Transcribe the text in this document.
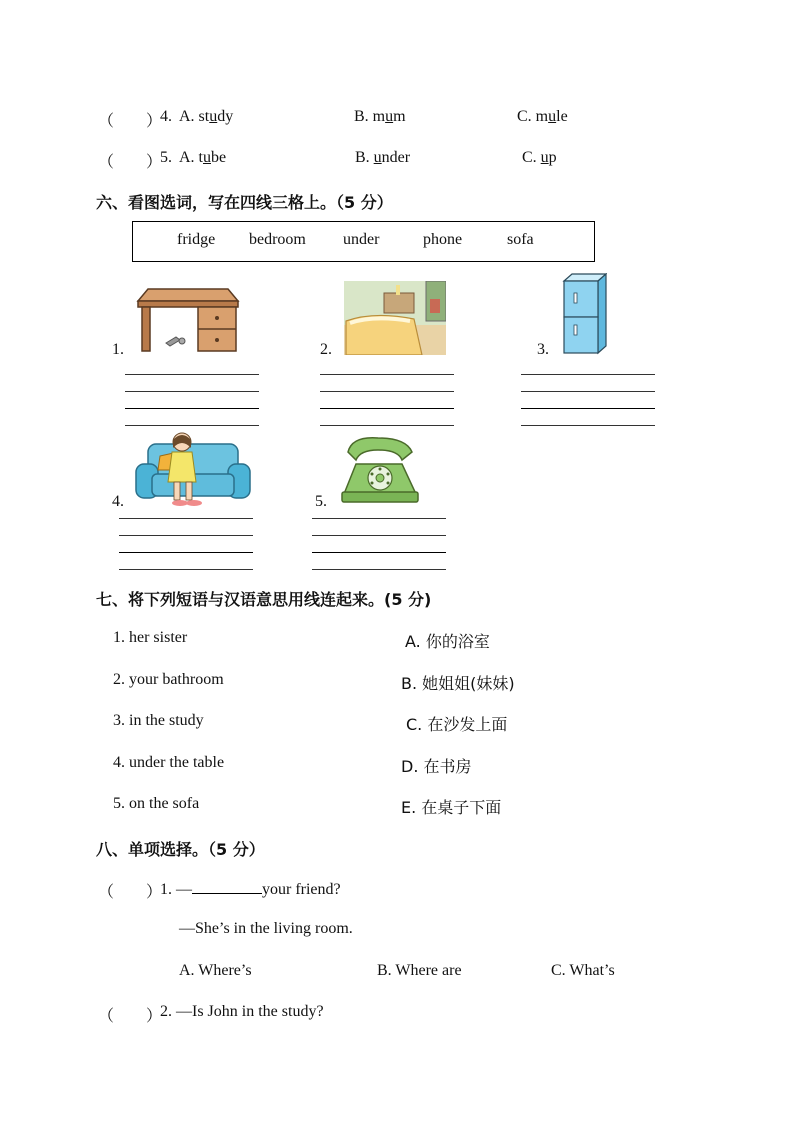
（　　）
4. A. study	B. mum	C. mule
（　　）
5. A. tube	B. under	C. up
六、看图选词，写在四线三格上。（5 分）
fridge bedroom under	phone	sofa
1.	2.	3.
4.	5.
七、将下列短语与汉语意思用线连起来。(5 分)
1. her sister
2. your bathroom
3. in the study
4. under the table
5. on the sofa
A. 你的浴室
B. 她姐姐(妹妹)
C. 在沙发上面
D. 在书房
E. 在桌子下面
八、单项选择。（5 分）
（　　）
1. —	your friend?
—She’s in the living room.
A. Where’s	B. Where are	C. What’s
（　　）
2. —Is John in the study?
